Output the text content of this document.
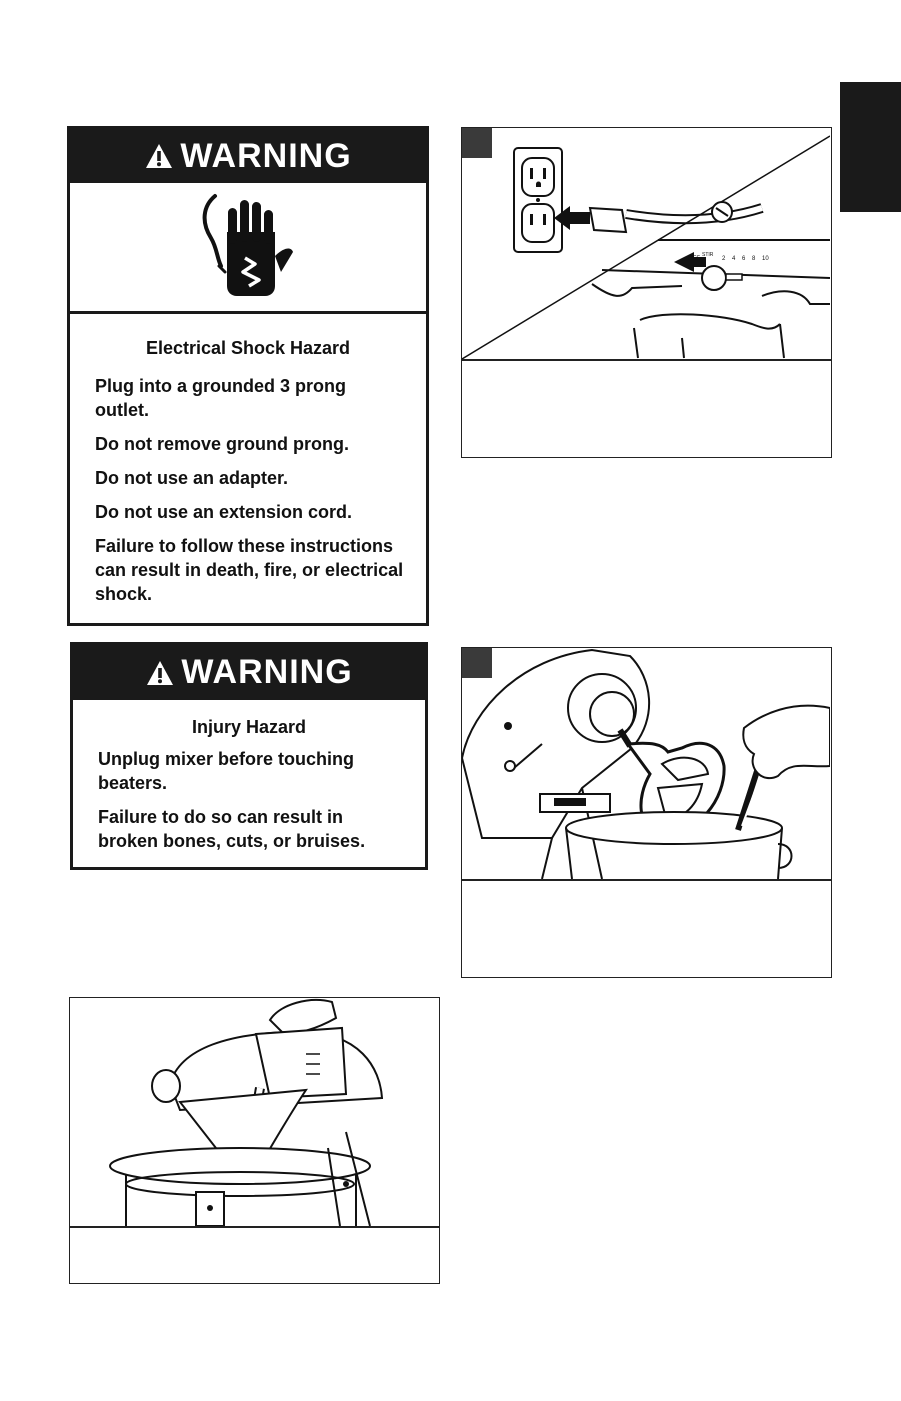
WARNING

Electrical Shock Hazard

Plug into a grounded 3 prong outlet.

Do not remove ground prong.

Do not use an adapter.

Do not use an extension cord.

Failure to follow these instructions can result in death, fire, or electrical shock.

WARNING

Injury Hazard

Unplug mixer before touching beaters.

Failure to do so can result in broken bones, cuts, or bruises.

OFF
STIR
2 4 6 8 10
